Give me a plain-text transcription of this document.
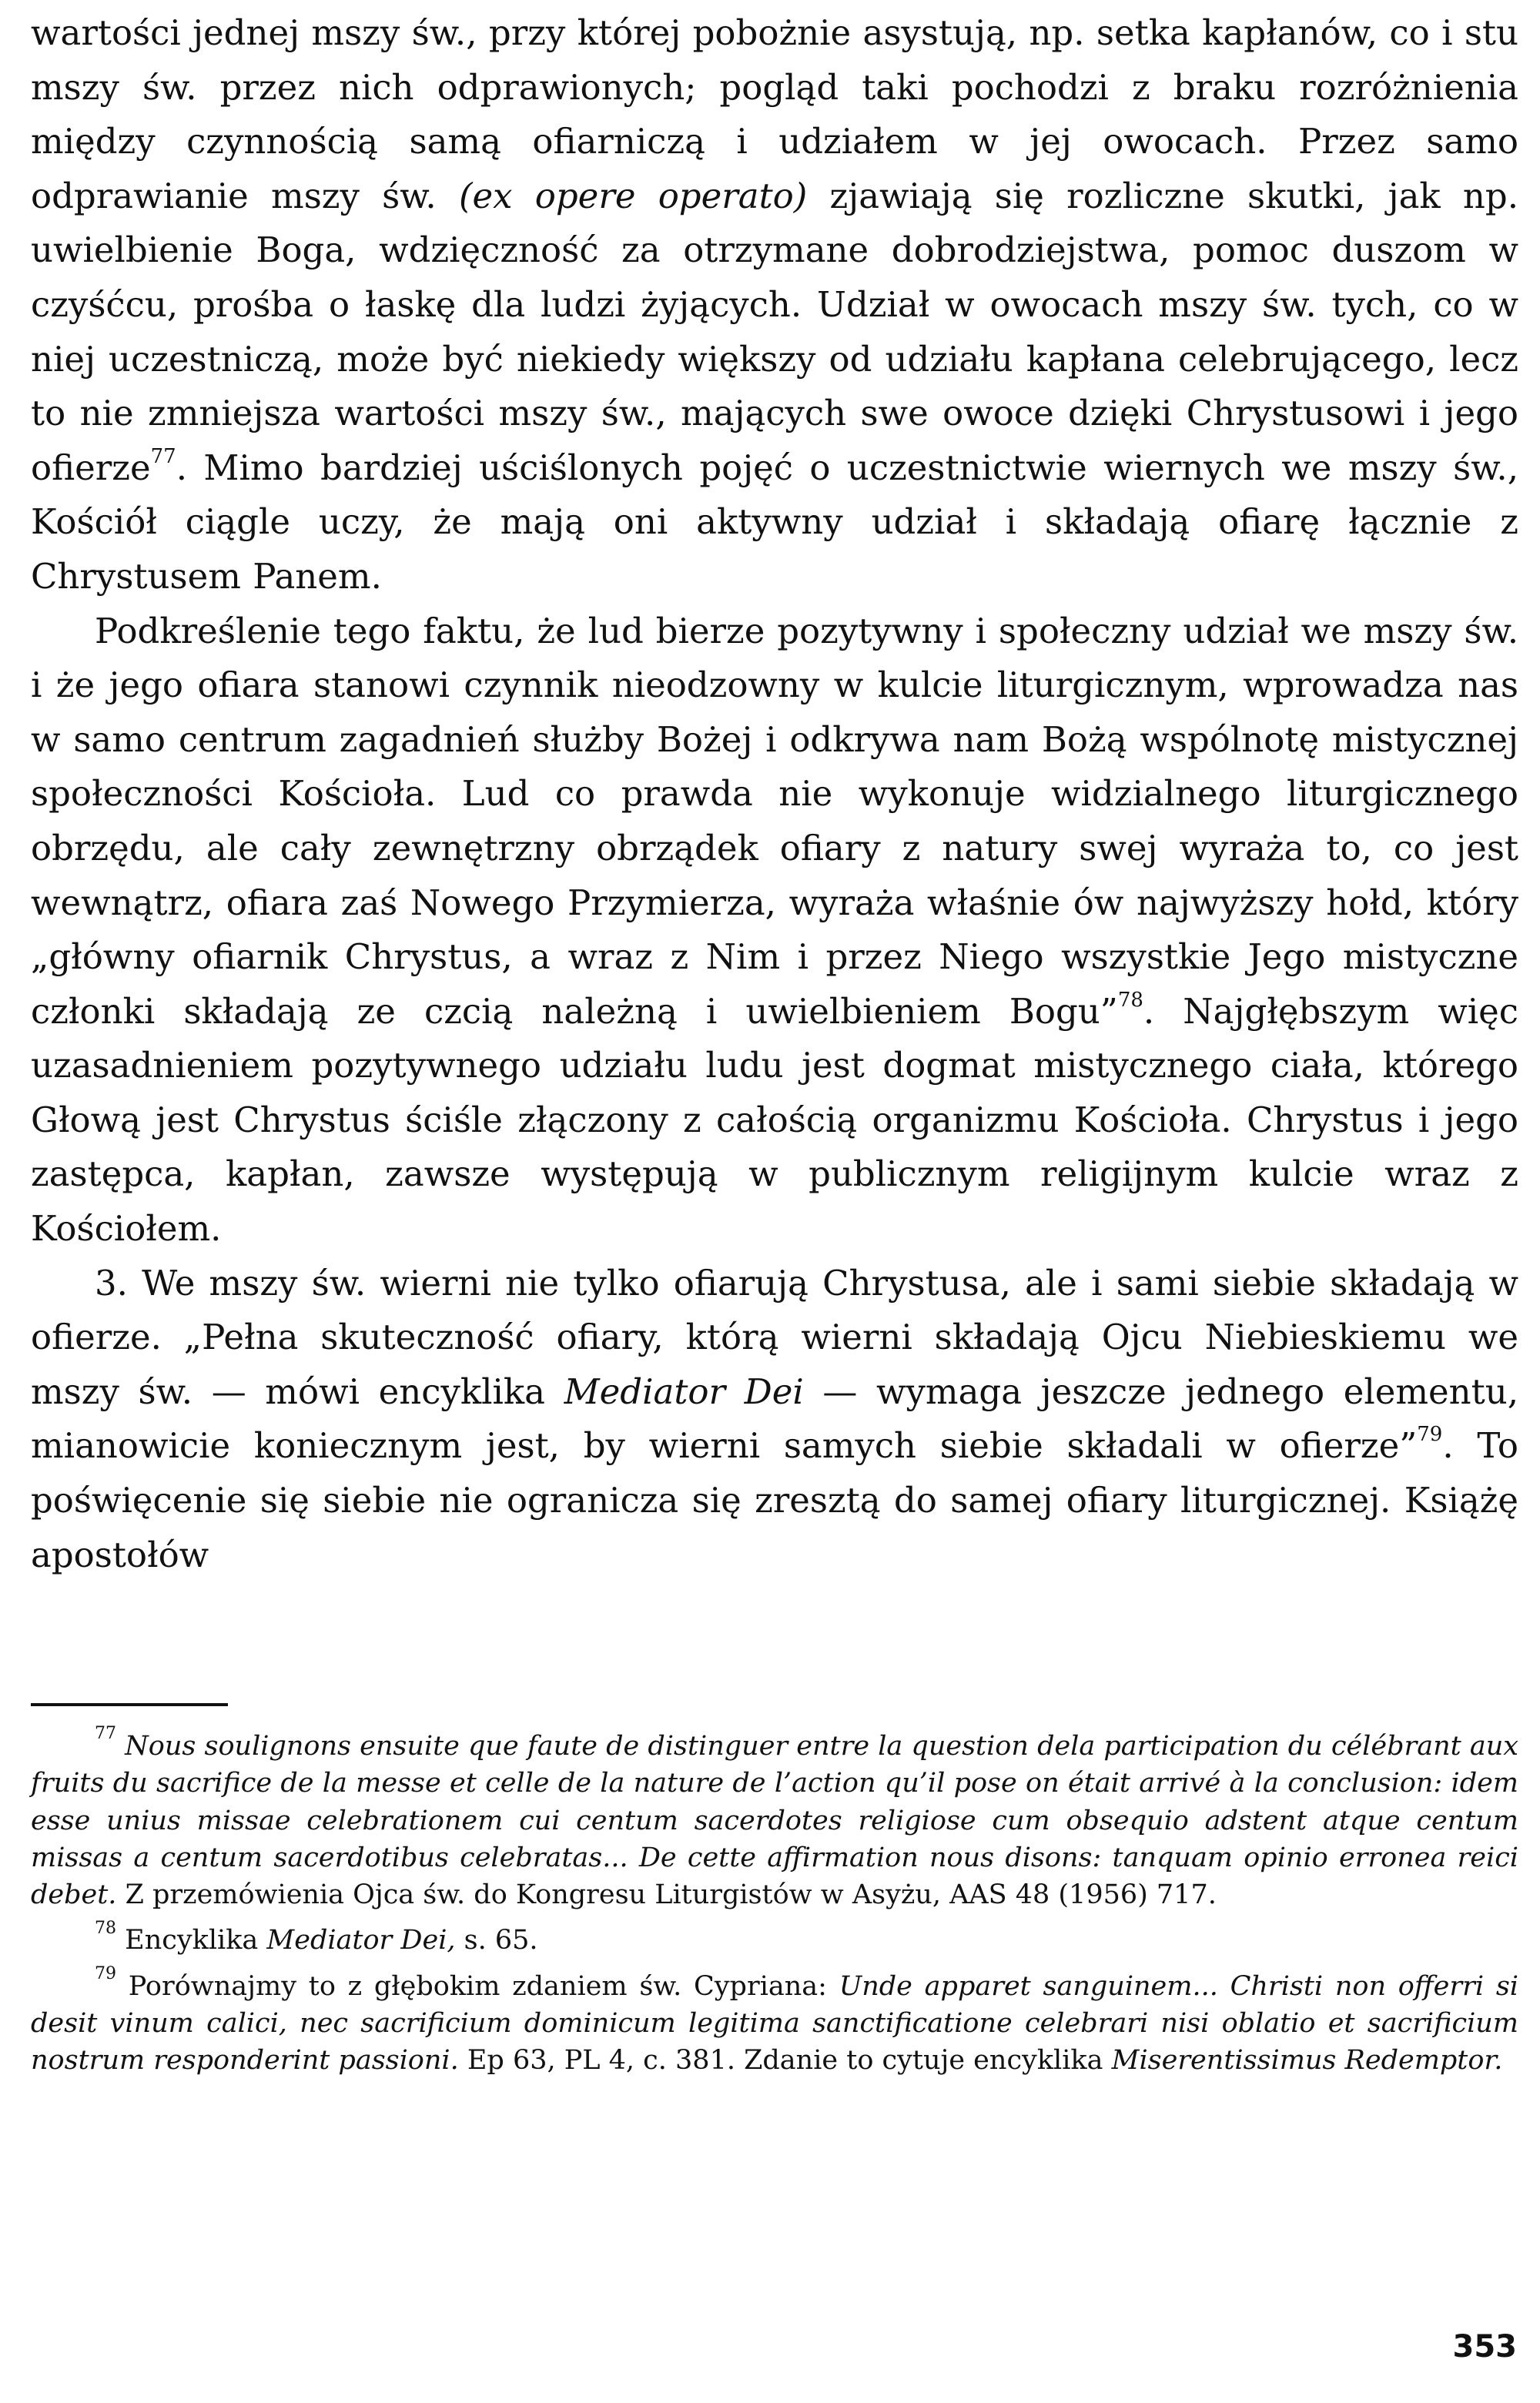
wartości jednej mszy św., przy której pobożnie asystują, np. setka kapłanów, co i stu mszy św. przez nich odprawionych; pogląd taki pochodzi z braku rozróżnienia między czynnością samą ofiarniczą i udziałem w jej owocach. Przez samo odprawianie mszy św. (ex opere operato) zjawiają się rozliczne skutki, jak np. uwielbienie Boga, wdzięczność za otrzymane dobrodziejstwa, pomoc duszom w czyśćcu, prośba o łaskę dla ludzi żyjących. Udział w owocach mszy św. tych, co w niej uczestniczą, może być niekiedy większy od udziału kapłana celebrującego, lecz to nie zmniejsza wartości mszy św., mających swe owoce dzięki Chrystusowi i jego ofierze$^{77}$. Mimo bardziej uściślonych pojęć o uczestnictwie wiernych we mszy św., Kościół ciągle uczy, że mają oni aktywny udział i składają ofiarę łącznie z Chrystusem Panem.

Podkreślenie tego faktu, że lud bierze pozytywny i społeczny udział we mszy św. i że jego ofiara stanowi czynnik nieodzowny w kulcie liturgicznym, wprowadza nas w samo centrum zagadnień służby Bożej i odkrywa nam Bożą wspólnotę mistycznej społeczności Kościoła. Lud co prawda nie wykonuje widzialnego liturgicznego obrzędu, ale cały zewnętrzny obrządek ofiary z natury swej wyraża to, co jest wewnątrz, ofiara zaś Nowego Przymierza, wyraża właśnie ów najwyższy hołd, który „główny ofiarnik Chrystus, a wraz z Nim i przez Niego wszystkie Jego mistyczne członki składają ze czcią należną i uwielbieniem Bogu”$^{78}$. Najgłębszym więc uzasadnieniem pozytywnego udziału ludu jest dogmat mistycznego ciała, którego Głową jest Chrystus ściśle złączony z całością organizmu Kościoła. Chrystus i jego zastępca, kapłan, zawsze występują w publicznym religijnym kulcie wraz z Kościołem.

3. We mszy św. wierni nie tylko ofiarują Chrystusa, ale i sami siebie składają w ofierze. „Pełna skuteczność ofiary, którą wierni składają Ojcu Niebieskiemu we mszy św. — mówi encyklika Mediator Dei — wymaga jeszcze jednego elementu, mianowicie koniecznym jest, by wierni samych siebie składali w ofierze”$^{79}$. To poświęcenie się siebie nie ogranicza się zresztą do samej ofiary liturgicznej. Książę apostołów

$^{77}$ Nous soulignons ensuite que faute de distinguer entre la question dela participation du célébrant aux fruits du sacrifice de la messe et celle de la nature de l’action qu’il pose on était arrivé à la conclusion: idem esse unius missae celebrationem cui centum sacerdotes religiose cum obsequio adstent atque centum missas a centum sacerdotibus celebratas... De cette affirmation nous disons: tanquam opinio erronea reici debet. Z przemówienia Ojca św. do Kongresu Liturgistów w Asyżu, AAS 48 (1956) 717.

$^{78}$ Encyklika Mediator Dei, s. 65.

$^{79}$ Porównajmy to z głębokim zdaniem św. Cypriana: Unde apparet sanguinem... Christi non offerri si desit vinum calici, nec sacrificium dominicum legitima sanctificatione celebrari nisi oblatio et sacrificium nostrum responderint passioni. Ep 63, PL 4, c. 381. Zdanie to cytuje encyklika Miserentissimus Redemptor.

353
